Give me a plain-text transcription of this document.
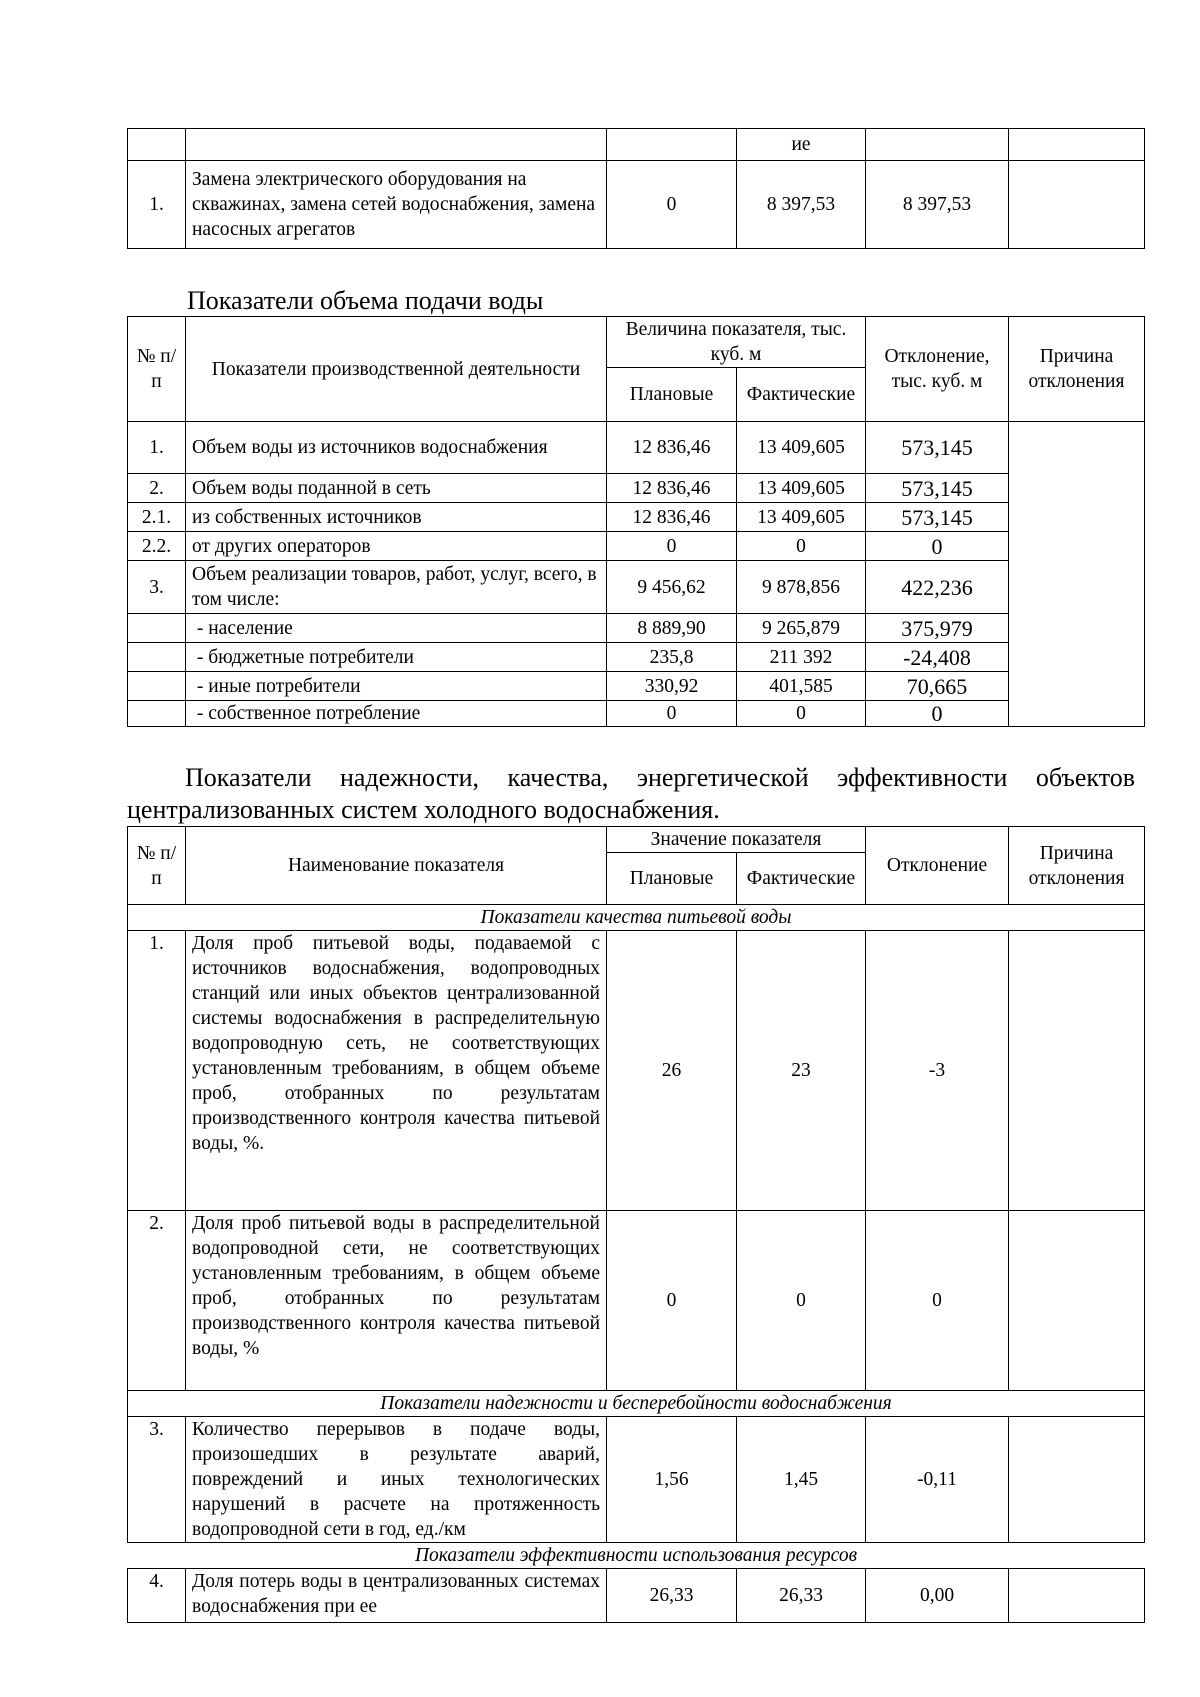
			ие		
1.	Замена электрического оборудования на скважинах, замена сетей водоснабжения, замена насосных агрегатов	0	8 397,53	8 397,53	
Показатели объема подачи воды
№ п/п	Показатели производственной деятельности	Величина показателя, тыс. куб. м		Отклонение, тыс. куб. м	Причина отклонения
		Плановые	Фактические		
1.	Объем воды из источников водоснабжения	12 836,46	13 409,605	573,145	
2.	Объем воды поданной в сеть	12 836,46	13 409,605	573,145	
2.1.	из собственных источников	12 836,46	13 409,605	573,145	
2.2.	от других операторов	0	0	0	
3.	Объем реализации товаров, работ, услуг, всего, в том числе:	9 456,62	9 878,856	422,236	
	- население	8 889,90	9 265,879	375,979	
	- бюджетные потребители	235,8	211 392	-24,408	
	- иные потребители	330,92	401,585	70,665	
	- собственное потребление	0	0	0	

Показатели надежности, качества, энергетической эффективности объектов централизованных систем холодного водоснабжения.

№ п/п	Наименование показателя	Значение показателя		Отклонение	Причина отклонения
		Плановые	Фактические		
Показатели качества питьевой воды					
1.	Доля проб питьевой воды, подаваемой с источников водоснабжения, водопроводных станций или иных объектов централизованной системы водоснабжения в распределительную водопроводную сеть, не соответствующих установленным требованиям, в общем объеме проб, отобранных по результатам производственного контроля качества питьевой воды, %.	26	23	-3	
2.	Доля проб питьевой воды в распределительной водопроводной сети, не соответствующих установленным требованиям, в общем объеме проб, отобранных по результатам производственного контроля качества питьевой воды, %	0	0	0	
Показатели надежности и бесперебойности водоснабжения					
3.	Количество перерывов в подаче воды, произошедших в результате аварий, повреждений и иных технологических нарушений в расчете на протяженность водопроводной сети в год, ед./км	1,56	1,45	-0,11	
Показатели эффективности использования ресурсов					
4.	Доля потерь воды в централизованных системах водоснабжения при ее	26,33	26,33	0,00	
